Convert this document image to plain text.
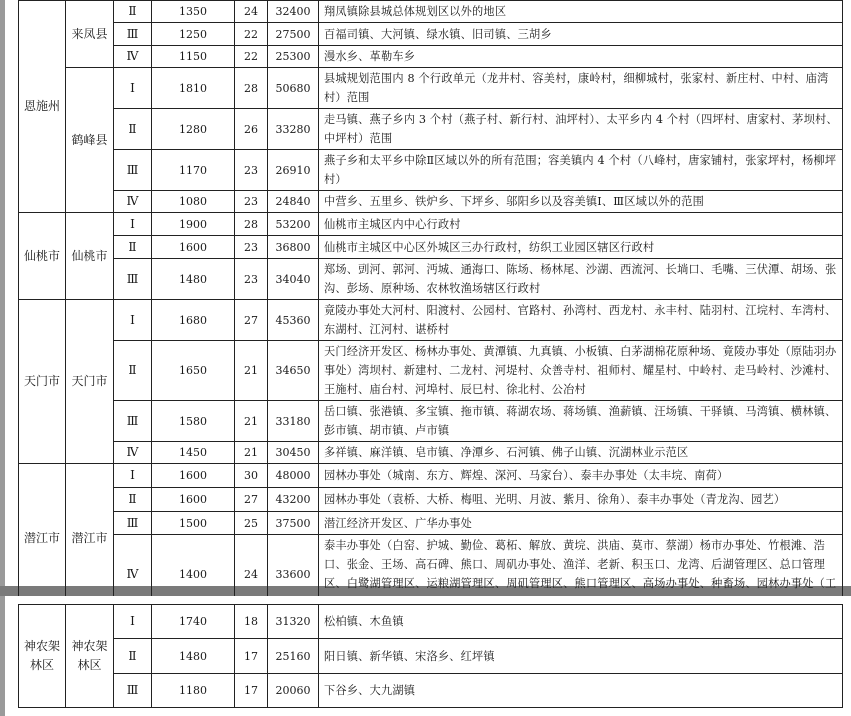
恩施州	来凤县	Ⅱ	1350	24	32400	翔凤镇除县城总体规划区以外的地区
		Ⅲ	1250	22	27500	百福司镇、大河镇、绿水镇、旧司镇、三胡乡
		Ⅳ	1150	22	25300	漫水乡、革勒车乡
	鹤峰县	Ⅰ	1810	28	50680	县城规划范围内 8 个行政单元（龙井村、容美村，康岭村，细柳城村，张家村、新庄村、中村、庙湾村）范围
		Ⅱ	1280	26	33280	走马镇、燕子乡内 3 个村（燕子村、新行村、油坪村）、太平乡内 4 个村（四坪村、唐家村、茅坝村、中坪村）范围
		Ⅲ	1170	23	26910	燕子乡和太平乡中除Ⅱ区域以外的所有范围；容美镇内 4 个村（八峰村，唐家铺村，张家坪村，杨柳坪村）
		Ⅳ	1080	23	24840	中营乡、五里乡、铁炉乡、下坪乡、邬阳乡以及容美镇Ⅰ、Ⅲ区域以外的范围
仙桃市	仙桃市	Ⅰ	1900	28	53200	仙桃市主城区内中心行政村
		Ⅱ	1600	23	36800	仙桃市主城区中心区外城区三办行政村，纺织工业园区辖区行政村
		Ⅲ	1480	23	34040	郑场、剅河、郭河、沔城、通海口、陈场、杨林尾、沙湖、西流河、长埫口、毛嘴、三伏潭、胡场、张沟、彭场、原种场、农林牧渔场辖区行政村
天门市	天门市	Ⅰ	1680	27	45360	竟陵办事处大河村、阳渡村、公园村、官路村、孙湾村、西龙村、永丰村、陆羽村、江垸村、车湾村、东湖村、江河村、谌桥村
		Ⅱ	1650	21	34650	天门经济开发区、杨林办事处、黄潭镇、九真镇、小板镇、白茅湖棉花原种场、竟陵办事处（原陆羽办事处）湾坝村、新建村、二龙村、河堤村、众善寺村、祖师村、耀星村、中岭村、走马岭村、沙滩村、王施村、庙台村、河埠村、辰巳村、徐北村、公冶村
		Ⅲ	1580	21	33180	岳口镇、张港镇、多宝镇、拖市镇、蒋湖农场、蒋场镇、渔薪镇、汪场镇、干驿镇、马湾镇、横林镇、彭市镇、胡市镇、卢市镇
		Ⅳ	1450	21	30450	多祥镇、麻洋镇、皂市镇、净潭乡、石河镇、佛子山镇、沉湖林业示范区
潜江市	潜江市	Ⅰ	1600	30	48000	园林办事处（城南、东方、辉煌、深河、马家台）、泰丰办事处（太丰垸、南荷）
		Ⅱ	1600	27	43200	园林办事处（袁桥、大桥、梅咀、光明、月波、紫月、徐角）、泰丰办事处（青龙沟、园艺）
		Ⅲ	1500	25	37500	潜江经济开发区、广华办事处
		Ⅳ	1400	24	33600	泰丰办事处（白窑、护城、勤俭、葛柘、解放、黄垸、洪庙、莫市、蔡湖）杨市办事处、竹根滩、浩口、张金、王场、高石碑、熊口、周矶办事处、渔洋、老新、积玉口、龙湾、后湖管理区、总口管理区、白鹭湖管理区、运粮湖管理区、周矶管理区、熊口管理区、高场办事处、种畜场、园林办事处（工
神农架林区	神农架林区	Ⅰ	1740	18	31320	松柏镇、木鱼镇
		Ⅱ	1480	17	25160	阳日镇、新华镇、宋洛乡、红坪镇
		Ⅲ	1180	17	20060	下谷乡、大九湖镇
